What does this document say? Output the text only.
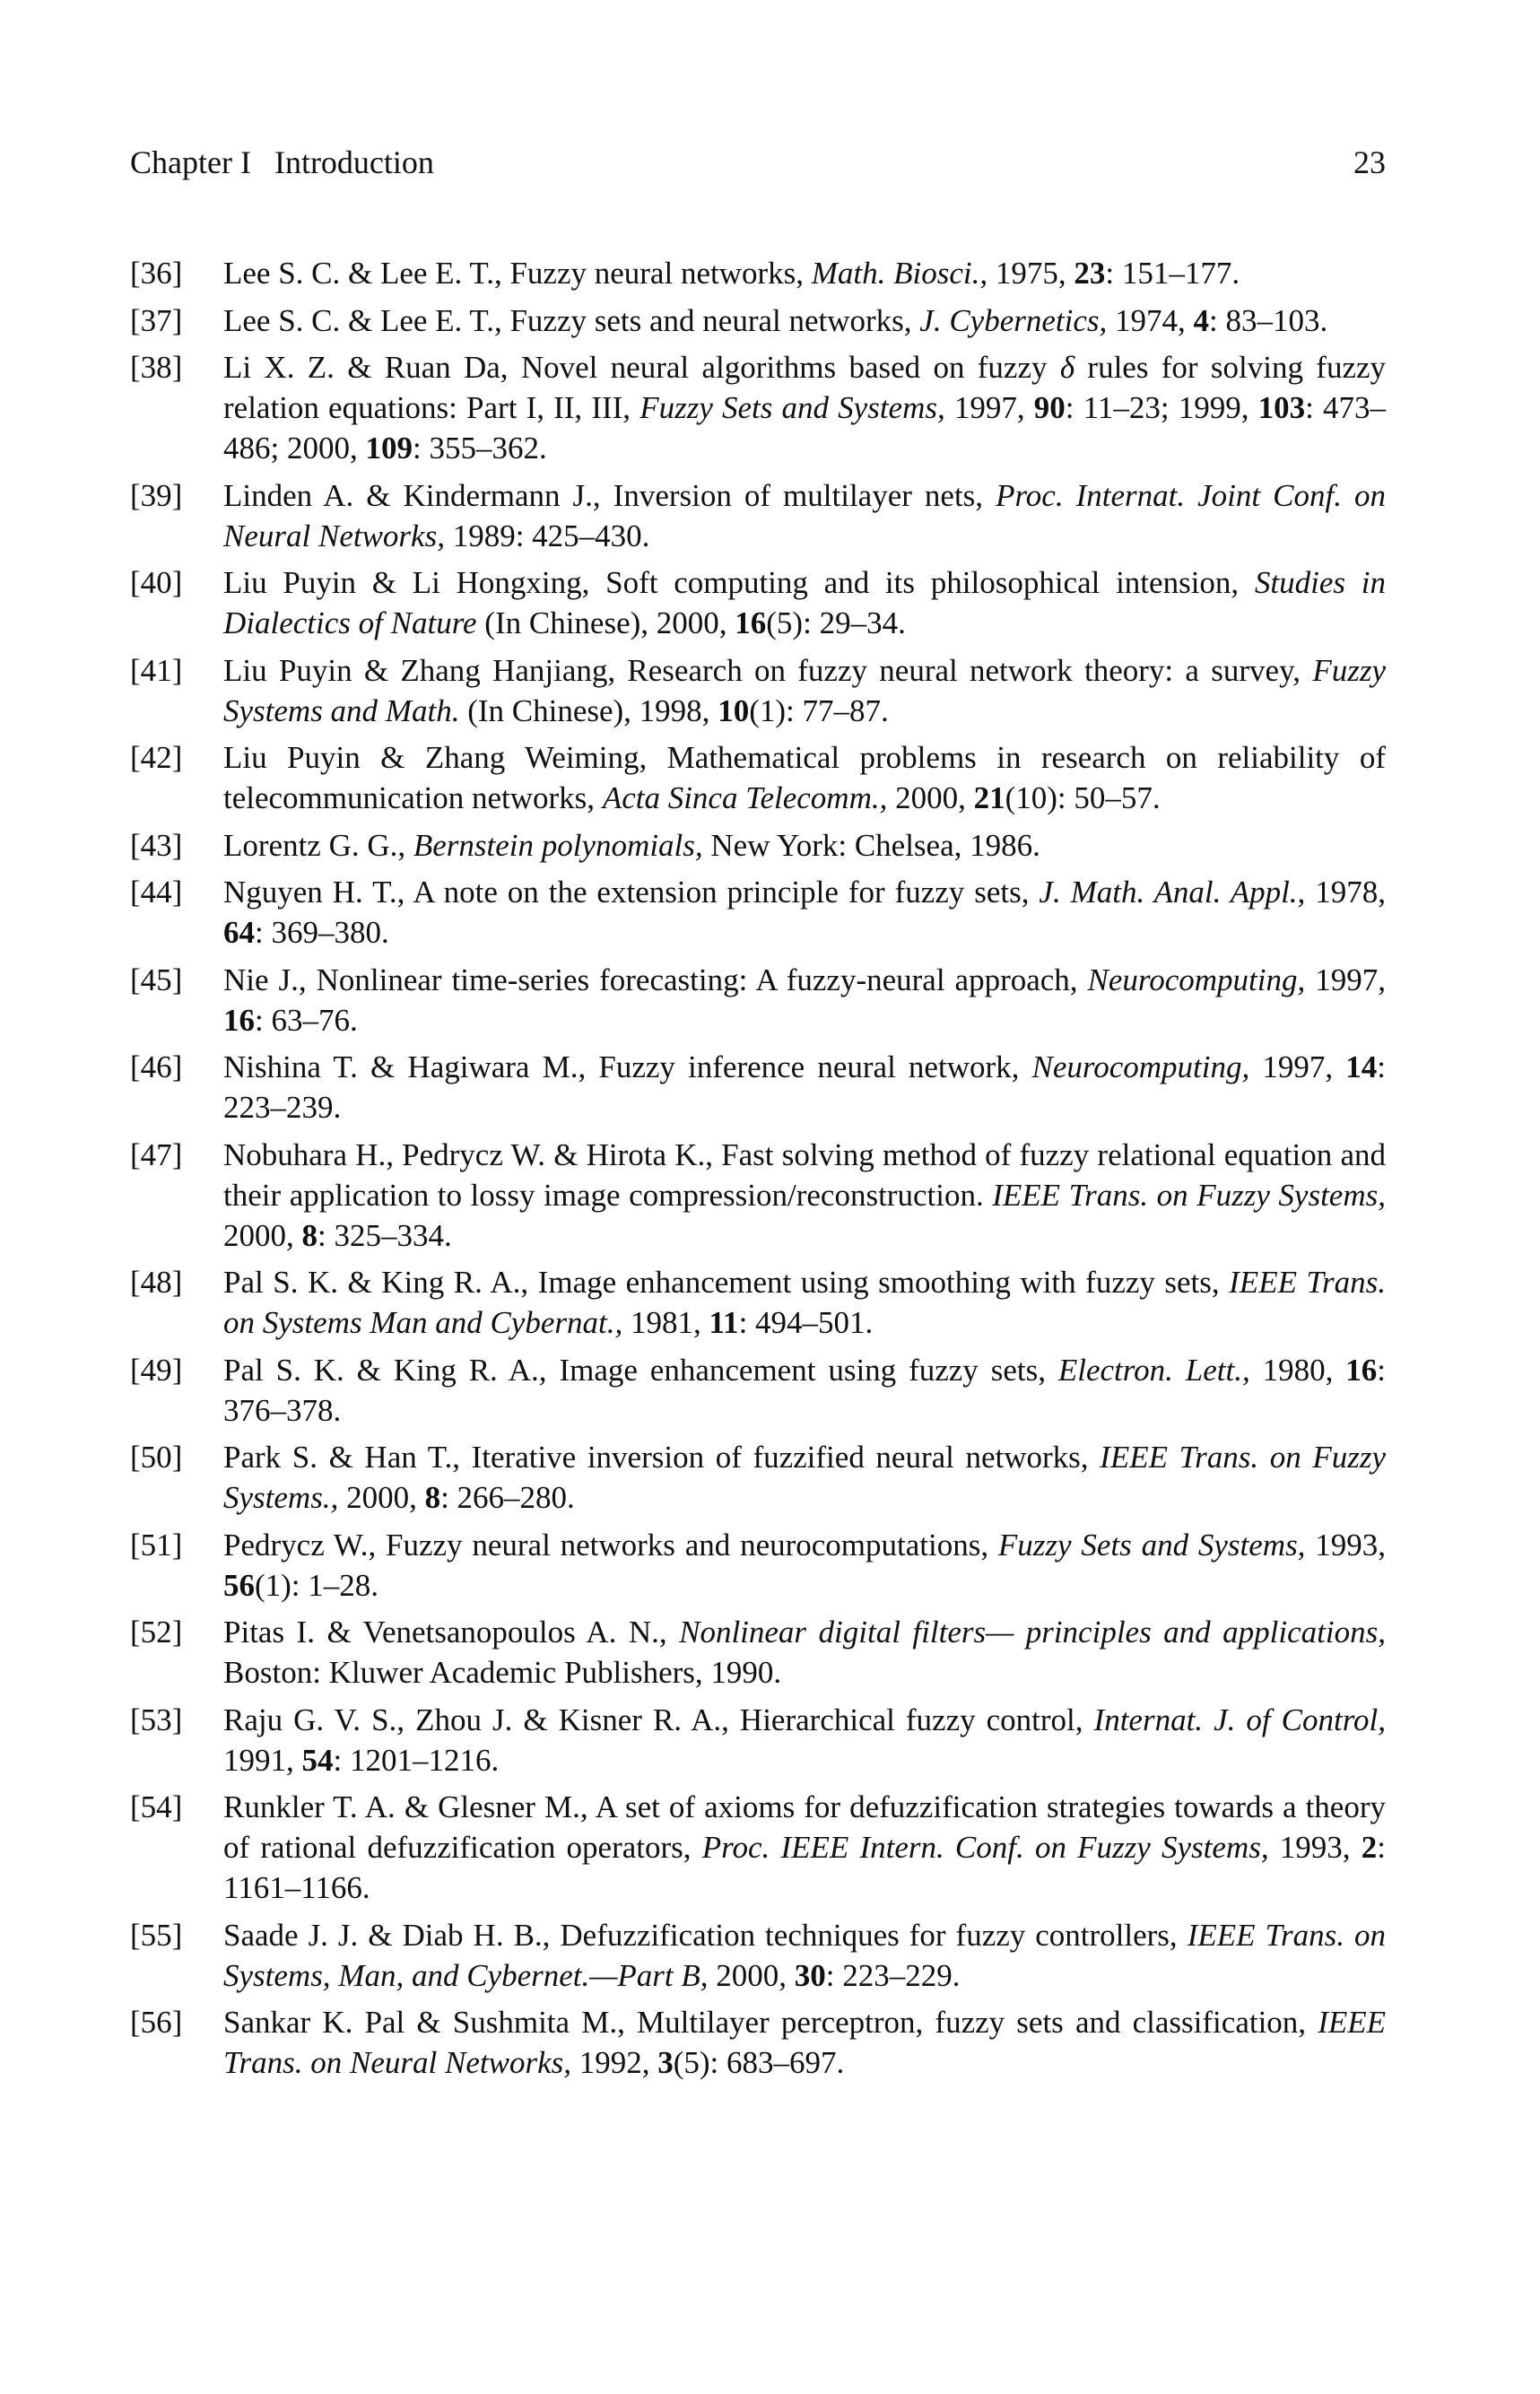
Chapter I Introduction	23
[36]	Lee S. C. & Lee E. T., Fuzzy neural networks, Math. Biosci., 1975, 23: 151–177.
[37]	Lee S. C. & Lee E. T., Fuzzy sets and neural networks, J. Cybernetics, 1974, 4: 83–103.
[38]	Li X. Z. & Ruan Da, Novel neural algorithms based on fuzzy δ rules for solving fuzzy relation equations: Part I, II, III, Fuzzy Sets and Systems, 1997, 90: 11–23; 1999, 103: 473–486; 2000, 109: 355–362.
[39]	Linden A. & Kindermann J., Inversion of multilayer nets, Proc. Internat. Joint Conf. on Neural Networks, 1989: 425–430.
[40]	Liu Puyin & Li Hongxing, Soft computing and its philosophical intension, Studies in Dialectics of Nature (In Chinese), 2000, 16(5): 29–34.
[41]	Liu Puyin & Zhang Hanjiang, Research on fuzzy neural network theory: a survey, Fuzzy Systems and Math. (In Chinese), 1998, 10(1): 77–87.
[42]	Liu Puyin & Zhang Weiming, Mathematical problems in research on reliability of telecommunication networks, Acta Sinca Telecomm., 2000, 21(10): 50–57.
[43]	Lorentz G. G., Bernstein polynomials, New York: Chelsea, 1986.
[44]	Nguyen H. T., A note on the extension principle for fuzzy sets, J. Math. Anal. Appl., 1978, 64: 369–380.
[45]	Nie J., Nonlinear time-series forecasting: A fuzzy-neural approach, Neurocomputing, 1997, 16: 63–76.
[46]	Nishina T. & Hagiwara M., Fuzzy inference neural network, Neurocomputing, 1997, 14: 223–239.
[47]	Nobuhara H., Pedrycz W. & Hirota K., Fast solving method of fuzzy relational equation and their application to lossy image compression/reconstruction. IEEE Trans. on Fuzzy Systems, 2000, 8: 325–334.
[48]	Pal S. K. & King R. A., Image enhancement using smoothing with fuzzy sets, IEEE Trans. on Systems Man and Cybernat., 1981, 11: 494–501.
[49]	Pal S. K. & King R. A., Image enhancement using fuzzy sets, Electron. Lett., 1980, 16: 376–378.
[50]	Park S. & Han T., Iterative inversion of fuzzified neural networks, IEEE Trans. on Fuzzy Systems., 2000, 8: 266–280.
[51]	Pedrycz W., Fuzzy neural networks and neurocomputations, Fuzzy Sets and Systems, 1993, 56(1): 1–28.
[52]	Pitas I. & Venetsanopoulos A. N., Nonlinear digital filters— principles and applications, Boston: Kluwer Academic Publishers, 1990.
[53]	Raju G. V. S., Zhou J. & Kisner R. A., Hierarchical fuzzy control, Internat. J. of Control, 1991, 54: 1201–1216.
[54]	Runkler T. A. & Glesner M., A set of axioms for defuzzification strategies towards a theory of rational defuzzification operators, Proc. IEEE Intern. Conf. on Fuzzy Systems, 1993, 2: 1161–1166.
[55]	Saade J. J. & Diab H. B., Defuzzification techniques for fuzzy controllers, IEEE Trans. on Systems, Man, and Cybernet.—Part B, 2000, 30: 223–229.
[56]	Sankar K. Pal & Sushmita M., Multilayer perceptron, fuzzy sets and classification, IEEE Trans. on Neural Networks, 1992, 3(5): 683–697.
